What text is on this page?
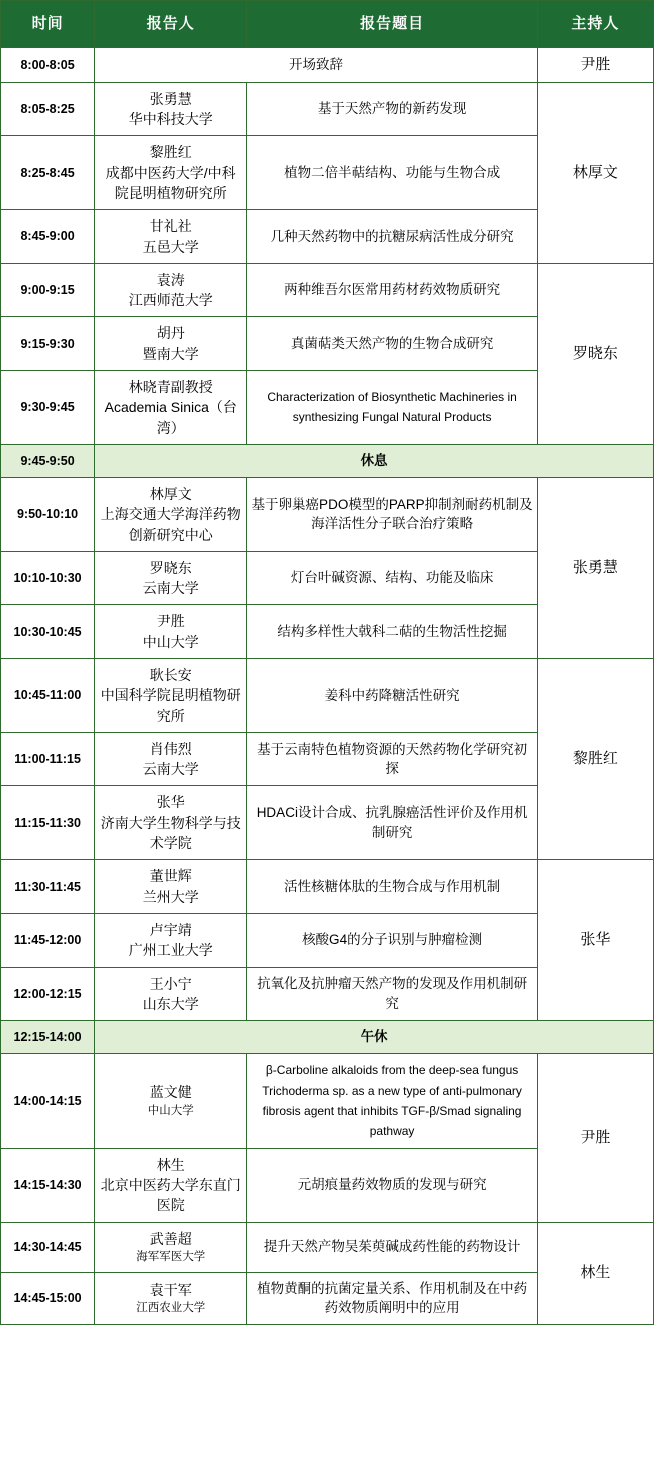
时间	报告人	报告题目	主持人
8:00-8:05	开场致辞		尹胜
8:05-8:25	张勇慧
华中科技大学	基于天然产物的新药发现	林厚文
8:25-8:45	黎胜红
成都中医药大学/中科院昆明植物研究所	植物二倍半萜结构、功能与生物合成	
8:45-9:00	甘礼社
五邑大学	几种天然药物中的抗糖尿病活性成分研究	
9:00-9:15	袁涛
江西师范大学	两种维吾尔医常用药材药效物质研究	罗晓东
9:15-9:30	胡丹
暨南大学	真菌萜类天然产物的生物合成研究	
9:30-9:45	林晓青副教授
Academia Sinica（台湾）	Characterization of Biosynthetic Machineries in synthesizing Fungal Natural Products	
9:45-9:50	休息		
9:50-10:10	林厚文
上海交通大学海洋药物创新研究中心	基于卵巢癌PDO模型的PARP抑制剂耐药机制及海洋活性分子联合治疗策略	张勇慧
10:10-10:30	罗晓东
云南大学	灯台叶碱资源、结构、功能及临床	
10:30-10:45	尹胜
中山大学	结构多样性大戟科二萜的生物活性挖掘	
10:45-11:00	耿长安
中国科学院昆明植物研究所	姜科中药降糖活性研究	黎胜红
11:00-11:15	肖伟烈
云南大学	基于云南特色植物资源的天然药物化学研究初探	
11:15-11:30	张华
济南大学生物科学与技术学院	HDACi设计合成、抗乳腺癌活性评价及作用机制研究	
11:30-11:45	董世辉
兰州大学	活性核糖体肽的生物合成与作用机制	张华
11:45-12:00	卢宇靖
广州工业大学	核酸G4的分子识别与肿瘤检测	
12:00-12:15	王小宁
山东大学	抗氧化及抗肿瘤天然产物的发现及作用机制研究	
12:15-14:00	午休		
14:00-14:15	蓝文健
中山大学	β-Carboline alkaloids from the deep-sea fungus Trichoderma sp. as a new type of anti-pulmonary fibrosis agent that inhibits TGF-β/Smad signaling pathway	尹胜
14:15-14:30	林生
北京中医药大学东直门医院	元胡痕量药效物质的发现与研究	
14:30-14:45	武善超
海军军医大学	提升天然产物吴茱萸碱成药性能的药物设计	林生
14:45-15:00	袁干军
江西农业大学	植物黄酮的抗菌定量关系、作用机制及在中药药效物质阐明中的应用	
